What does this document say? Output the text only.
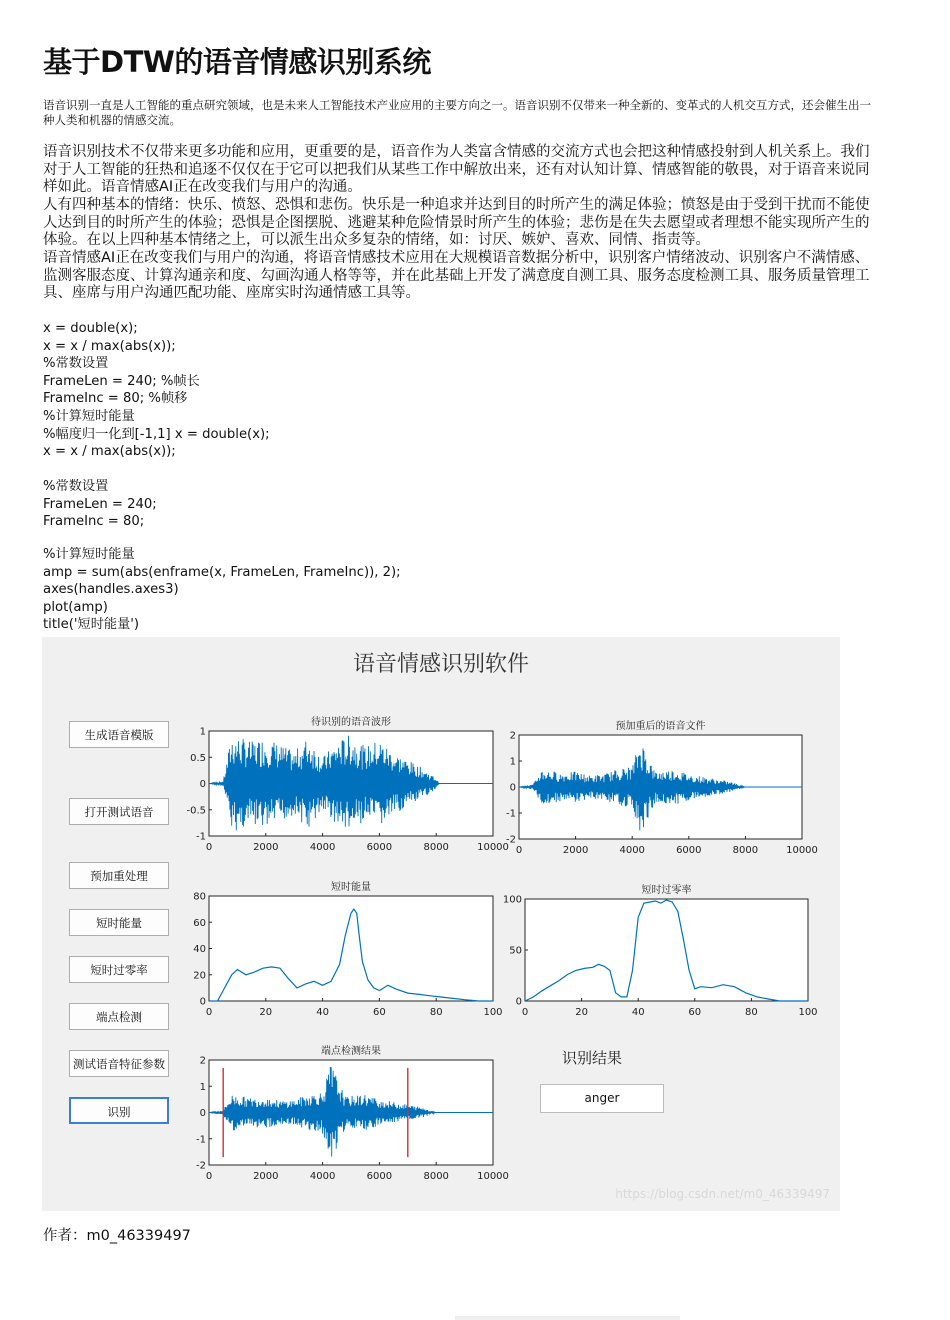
基于DTW的语音情感识别系统
语音识别一直是人工智能的重点研究领域，也是未来人工智能技术产业应用的主要方向之一。语音识别不仅带来一种全新的、变革式的人机交互方式，还会催生出一种人类和机器的情感交流。
语音识别技术不仅带来更多功能和应用，更重要的是，语音作为人类富含情感的交流方式也会把这种情感投射到人机关系上。我们对于人工智能的狂热和追逐不仅仅在于它可以把我们从某些工作中解放出来，还有对认知计算、情感智能的敬畏，对于语音来说同样如此。语音情感AI正在改变我们与用户的沟通。
人有四种基本的情绪：快乐、愤怒、恐惧和悲伤。快乐是一种追求并达到目的时所产生的满足体验；愤怒是由于受到干扰而不能使人达到目的时所产生的体验；恐惧是企图摆脱、逃避某种危险情景时所产生的体验；悲伤是在失去愿望或者理想不能实现所产生的体验。在以上四种基本情绪之上，可以派生出众多复杂的情绪，如：讨厌、嫉妒、喜欢、同情、指责等。
语音情感AI正在改变我们与用户的沟通，将语音情感技术应用在大规模语音数据分析中，识别客户情绪波动、识别客户不满情感、监测客服态度、计算沟通亲和度、勾画沟通人格等等，并在此基础上开发了满意度自测工具、服务态度检测工具、服务质量管理工具、座席与用户沟通匹配功能、座席实时沟通情感工具等。
x = double(x);
x = x / max(abs(x));
%常数设置
FrameLen = 240; %帧长
FrameInc = 80; %帧移
%计算短时能量
%幅度归一化到[-1,1] x = double(x);
x = x / max(abs(x));
%常数设置
FrameLen = 240;
FrameInc = 80;
%计算短时能量
amp = sum(abs(enframe(x, FrameLen, FrameInc)), 2);
axes(handles.axes3)
plot(amp)
title('短时能量')
语音情感识别软件
生成语音模版
打开测试语音
预加重处理
短时能量
短时过零率
端点检测
测试语音特征参数
识别
待识别的语音波形
0	2000	4000	6000	8000	10000
1
0.5
0
-0.5
-1
预加重后的语音文件
0	2000	4000	6000	8000	10000
2
1
0
-1
-2
短时能量
0	20	40	60	80	100
80
60
40
20
0
短时过零率
0	20	40	60	80	100
100
50
0
端点检测结果
0	2000	4000	6000	8000	10000
2
1
0
-1
-2
识别结果
anger
https://blog.csdn.net/m0_46339497
作者：m0_46339497
